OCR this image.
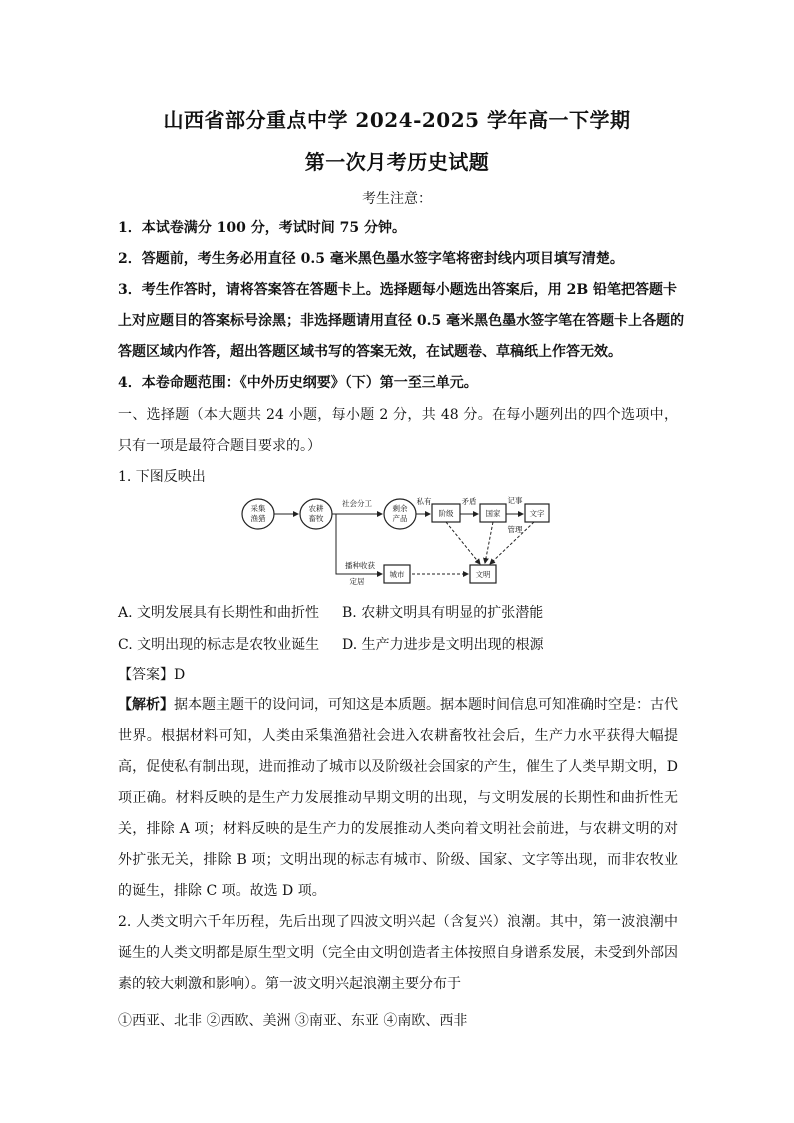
山西省部分重点中学 2024-2025 学年高一下学期
第一次月考历史试题
考生注意：
1．本试卷满分 100 分，考试时间 75 分钟。
2．答题前，考生务必用直径 0.5 毫米黑色墨水签字笔将密封线内项目填写清楚。
3．考生作答时，请将答案答在答题卡上。选择题每小题选出答案后，用 2B 铅笔把答题卡
上对应题目的答案标号涂黑；非选择题请用直径 0.5 毫米黑色墨水签字笔在答题卡上各题的
答题区域内作答，超出答题区域书写的答案无效，在试题卷、草稿纸上作答无效。
4．本卷命题范围：《中外历史纲要》（下）第一至三单元。
一、选择题（本大题共 24 小题，每小题 2 分，共 48 分。在每小题列出的四个选项中，只有一项是最符合题目要求的。）
1. 下图反映出
采集
渔猎
农耕
畜牧
剩余
产品
阶级	国家	文字
城市	文明
社会分工	私有	矛盾	记事
管理
播种收获
定居
A. 文明发展具有长期性和曲折性 B. 农耕文明具有明显的扩张潜能
C. 文明出现的标志是农牧业诞生 D. 生产力进步是文明出现的根源
【答案】D
【解析】据本题主题干的设问词，可知这是本质题。据本题时间信息可知准确时空是：古代世界。根据材料可知，人类由采集渔猎社会进入农耕畜牧社会后，生产力水平获得大幅提高，促使私有制出现，进而推动了城市以及阶级社会国家的产生，催生了人类早期文明，D 项正确。材料反映的是生产力发展推动早期文明的出现，与文明发展的长期性和曲折性无关，排除 A 项；材料反映的是生产力的发展推动人类向着文明社会前进，与农耕文明的对外扩张无关，排除 B 项；文明出现的标志有城市、阶级、国家、文字等出现，而非农牧业的诞生，排除 C 项。故选 D 项。
2. 人类文明六千年历程，先后出现了四波文明兴起（含复兴）浪潮。其中，第一波浪潮中诞生的人类文明都是原生型文明（完全由文明创造者主体按照自身谱系发展，未受到外部因素的较大刺激和影响）。第一波文明兴起浪潮主要分布于
①西亚、北非 ②西欧、美洲 ③南亚、东亚 ④南欧、西非
